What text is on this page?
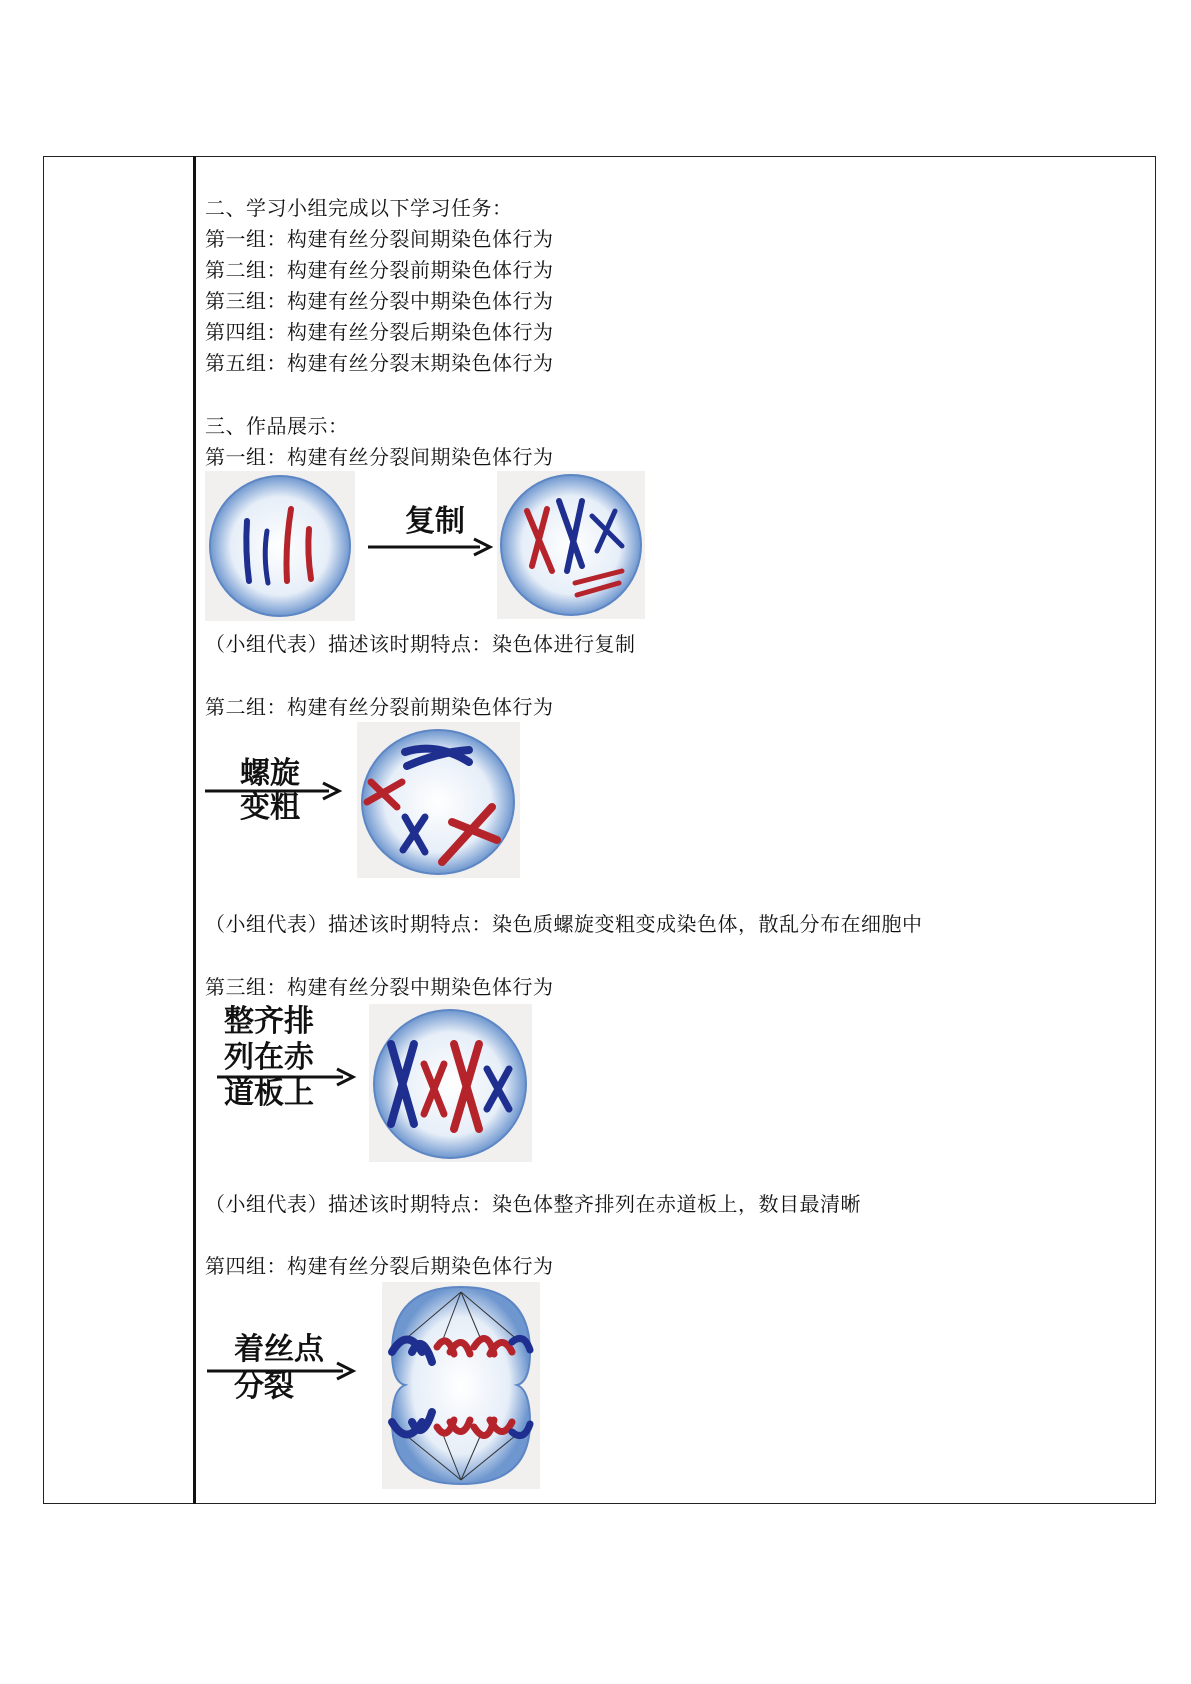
二、学习小组完成以下学习任务：
第一组：构建有丝分裂间期染色体行为
第二组：构建有丝分裂前期染色体行为
第三组：构建有丝分裂中期染色体行为
第四组：构建有丝分裂后期染色体行为
第五组：构建有丝分裂末期染色体行为
三、作品展示：
第一组：构建有丝分裂间期染色体行为
复制
（小组代表）描述该时期特点：染色体进行复制
第二组：构建有丝分裂前期染色体行为
螺旋
变粗
（小组代表）描述该时期特点：染色质螺旋变粗变成染色体，散乱分布在细胞中
第三组：构建有丝分裂中期染色体行为
整齐排
列在赤
道板上
（小组代表）描述该时期特点：染色体整齐排列在赤道板上，数目最清晰
第四组：构建有丝分裂后期染色体行为
着丝点
分裂
